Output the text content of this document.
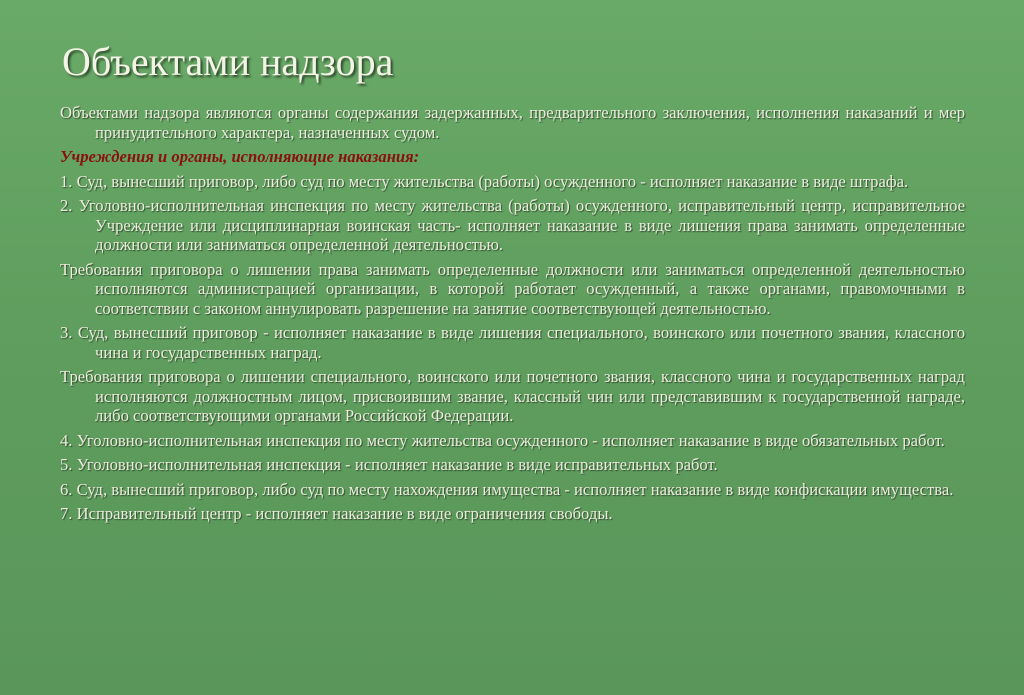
Объектами надзора

Объектами надзора являются органы содержания задержанных, предварительного заключения, исполнения наказаний и мер принудительного характера, назначенных судом.

Учреждения и органы, исполняющие наказания:

1. Суд, вынесший приговор, либо суд по месту жительства (работы) осужденного - исполняет наказание в виде штрафа.

2. Уголовно-исполнительная инспекция по месту жительства (работы) осужденного, исправительный центр, исправительное Учреждение или дисциплинарная воинская часть- исполняет наказание в виде лишения права занимать определенные должности или заниматься определенной деятельностью.

Требования приговора о лишении права занимать определенные должности или заниматься определенной деятельностью исполняются администрацией организации, в которой работает осужденный, а также органами, правомочными в соответствии с законом аннулировать разрешение на занятие соответствующей деятельностью.

3. Суд, вынесший приговор - исполняет наказание в виде лишения специального, воинского или почетного звания, классного чина и государственных наград.

Требования приговора о лишении специального, воинского или почетного звания, классного чина и государственных наград исполняются должностным лицом, присвоившим звание, классный чин или представившим к государственной награде, либо соответствующими органами Российской Федерации.

4. Уголовно-исполнительная инспекция по месту жительства осужденного - исполняет наказание в виде обязательных работ.

5. Уголовно-исполнительная инспекция - исполняет наказание в виде исправительных работ.

6. Суд, вынесший приговор, либо суд по месту нахождения имущества - исполняет наказание в виде конфискации имущества.

7. Исправительный центр - исполняет наказание в виде ограничения свободы.
